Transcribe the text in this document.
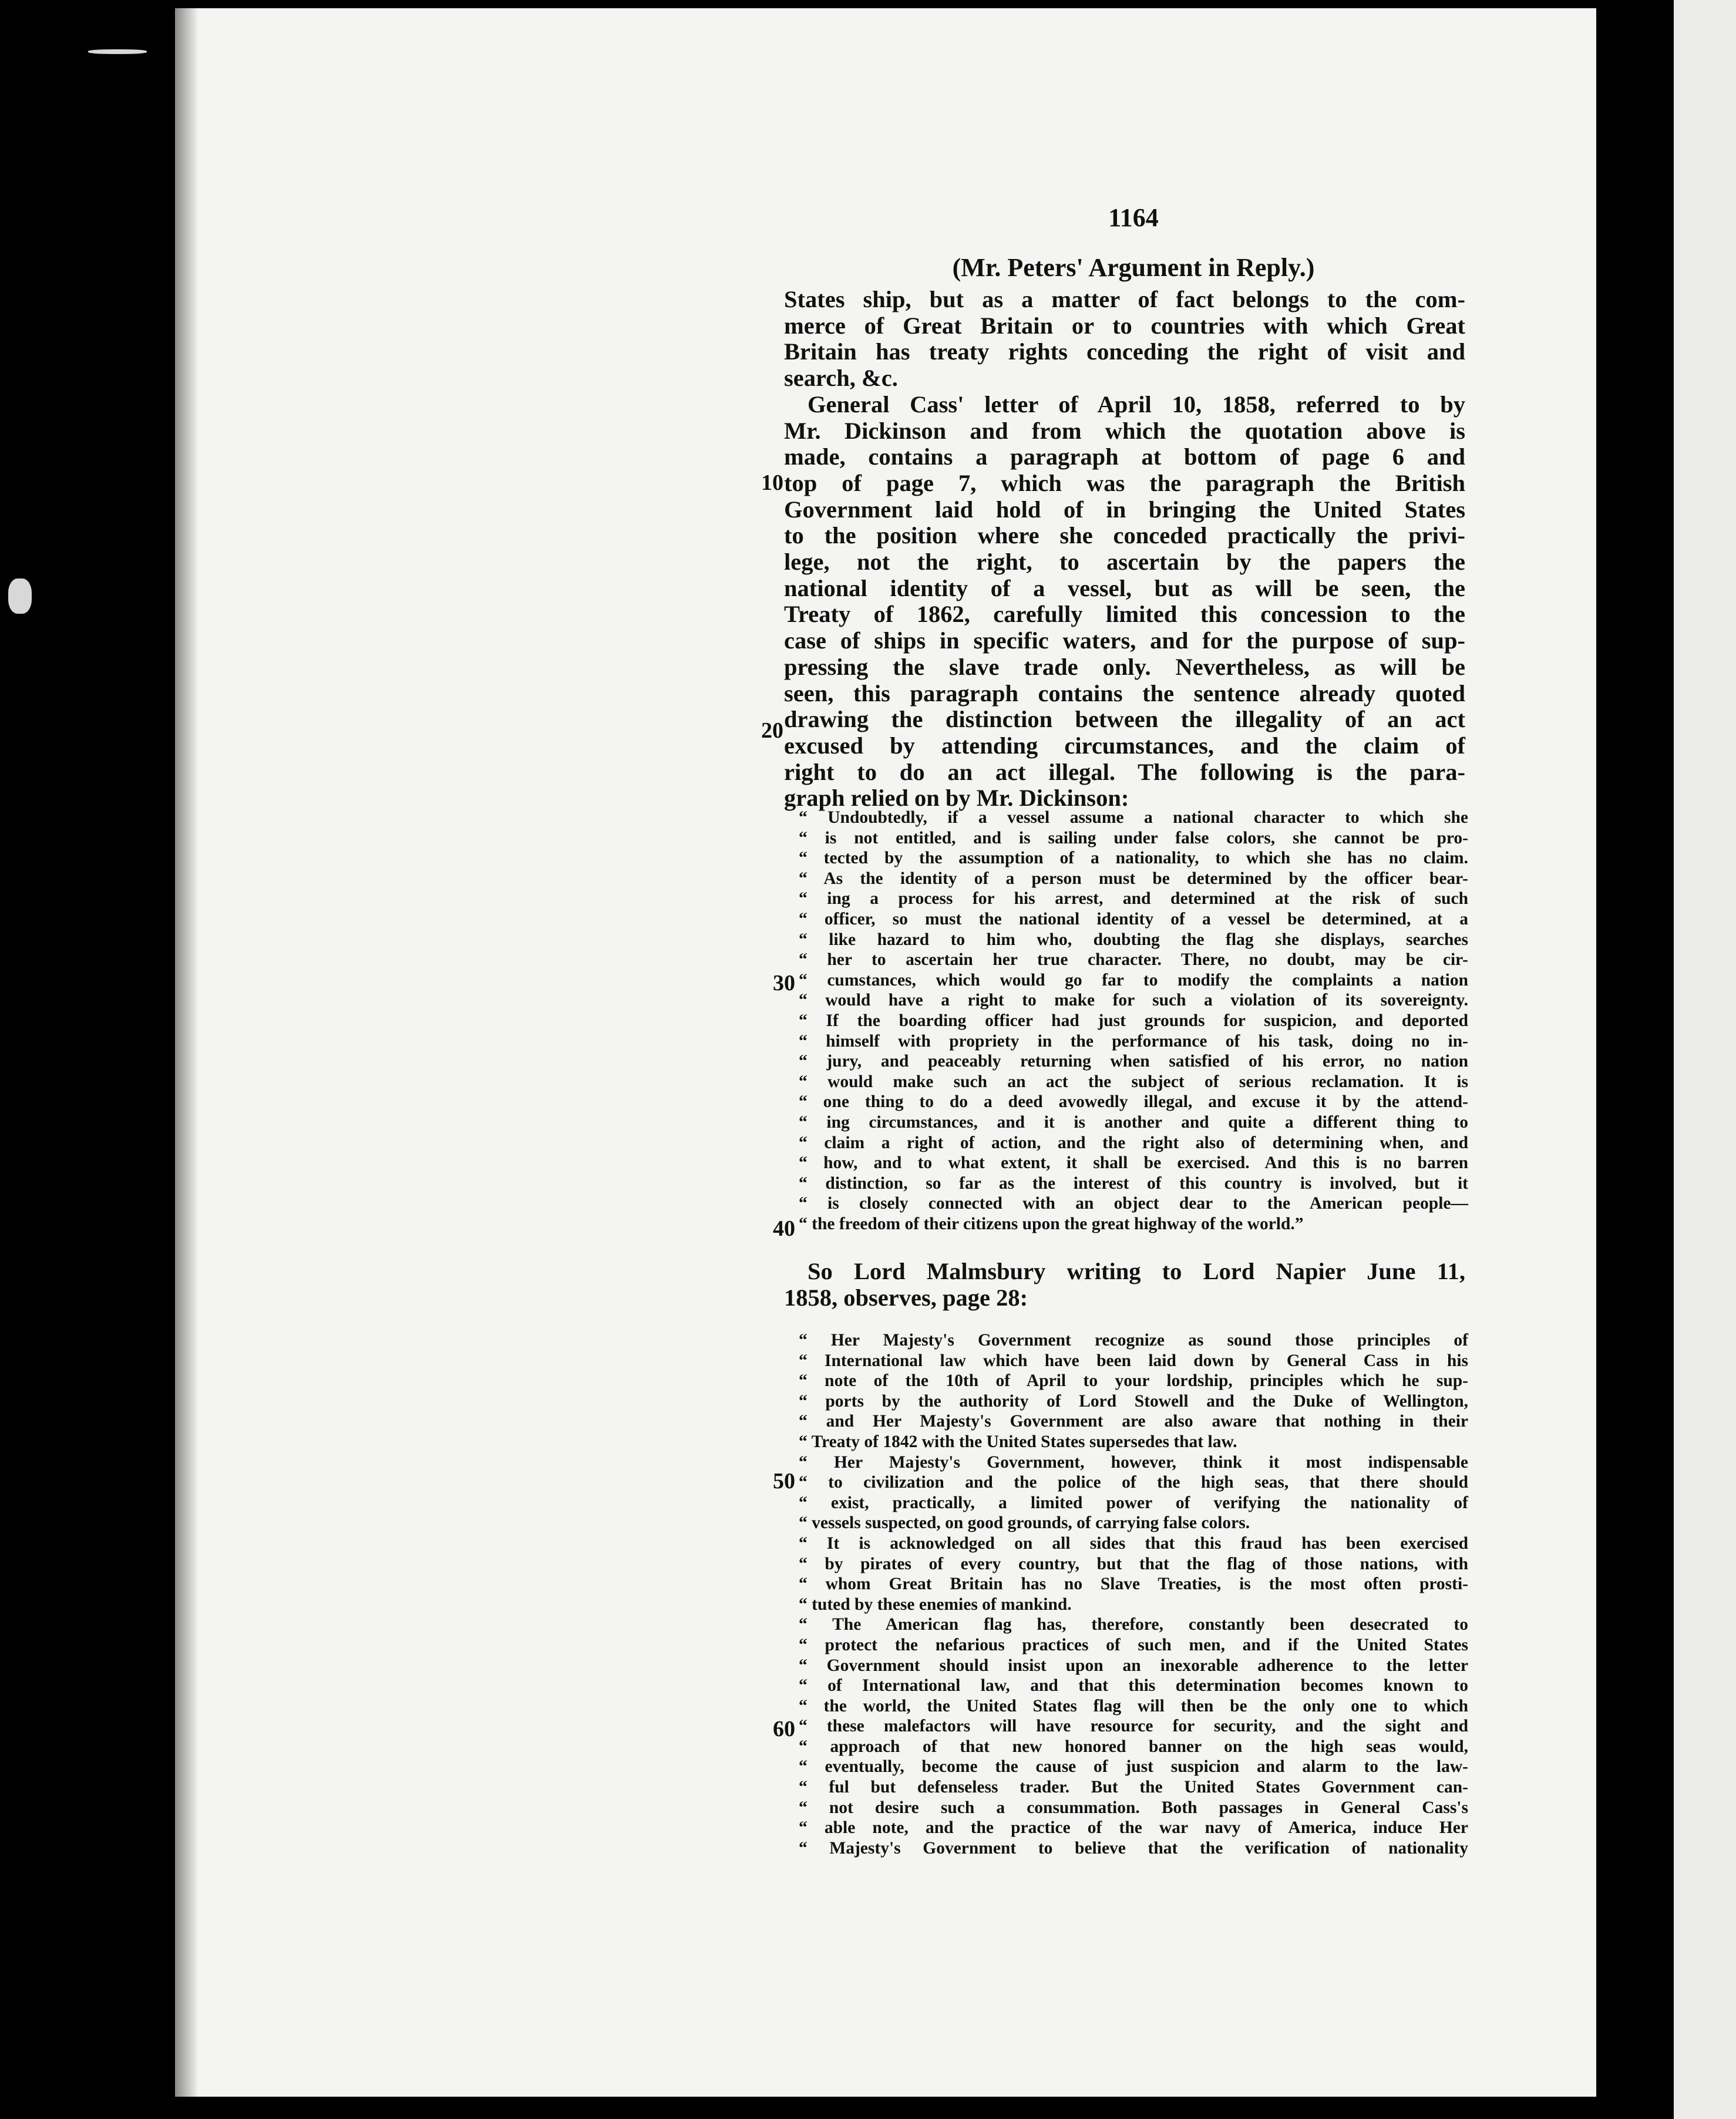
1164
(Mr. Peters' Argument in Reply.)
States ship, but as a matter of fact belongs to the com-
merce of Great Britain or to countries with which Great
Britain has treaty rights conceding the right of visit and
search, &c.
General Cass' letter of April 10, 1858, referred to by
Mr. Dickinson and from which the quotation above is
made, contains a paragraph at bottom of page 6 and
top of page 7, which was the paragraph the British
Government laid hold of in bringing the United States
to the position where she conceded practically the privi-
lege, not the right, to ascertain by the papers the
national identity of a vessel, but as will be seen, the
Treaty of 1862, carefully limited this concession to the
case of ships in specific waters, and for the purpose of sup-
pressing the slave trade only. Nevertheless, as will be
seen, this paragraph contains the sentence already quoted
drawing the distinction between the illegality of an act
excused by attending circumstances, and the claim of
right to do an act illegal. The following is the para-
graph relied on by Mr. Dickinson:
“ Undoubtedly, if a vessel assume a national character to which she
“ is not entitled, and is sailing under false colors, she cannot be pro-
“ tected by the assumption of a nationality, to which she has no claim.
“ As the identity of a person must be determined by the officer bear-
“ ing a process for his arrest, and determined at the risk of such
“ officer, so must the national identity of a vessel be determined, at a
“ like hazard to him who, doubting the flag she displays, searches
“ her to ascertain her true character. There, no doubt, may be cir-
“ cumstances, which would go far to modify the complaints a nation
“ would have a right to make for such a violation of its sovereignty.
“ If the boarding officer had just grounds for suspicion, and deported
“ himself with propriety in the performance of his task, doing no in-
“ jury, and peaceably returning when satisfied of his error, no nation
“ would make such an act the subject of serious reclamation. It is
“ one thing to do a deed avowedly illegal, and excuse it by the attend-
“ ing circumstances, and it is another and quite a different thing to
“ claim a right of action, and the right also of determining when, and
“ how, and to what extent, it shall be exercised. And this is no barren
“ distinction, so far as the interest of this country is involved, but it
“ is closely connected with an object dear to the American people—
“ the freedom of their citizens upon the great highway of the world.”
So Lord Malmsbury writing to Lord Napier June 11,
1858, observes, page 28:
“ Her Majesty's Government recognize as sound those principles of
“ International law which have been laid down by General Cass in his
“ note of the 10th of April to your lordship, principles which he sup-
“ ports by the authority of Lord Stowell and the Duke of Wellington,
“ and Her Majesty's Government are also aware that nothing in their
“ Treaty of 1842 with the United States supersedes that law.
“ Her Majesty's Government, however, think it most indispensable
“ to civilization and the police of the high seas, that there should
“ exist, practically, a limited power of verifying the nationality of
“ vessels suspected, on good grounds, of carrying false colors.
“ It is acknowledged on all sides that this fraud has been exercised
“ by pirates of every country, but that the flag of those nations, with
“ whom Great Britain has no Slave Treaties, is the most often prosti-
“ tuted by these enemies of mankind.
“ The American flag has, therefore, constantly been desecrated to
“ protect the nefarious practices of such men, and if the United States
“ Government should insist upon an inexorable adherence to the letter
“ of International law, and that this determination becomes known to
“ the world, the United States flag will then be the only one to which
“ these malefactors will have resource for security, and the sight and
“ approach of that new honored banner on the high seas would,
“ eventually, become the cause of just suspicion and alarm to the law-
“ ful but defenseless trader. But the United States Government can-
“ not desire such a consummation. Both passages in General Cass's
“ able note, and the practice of the war navy of America, induce Her
“ Majesty's Government to believe that the verification of nationality
10
20
30
40
50
60
